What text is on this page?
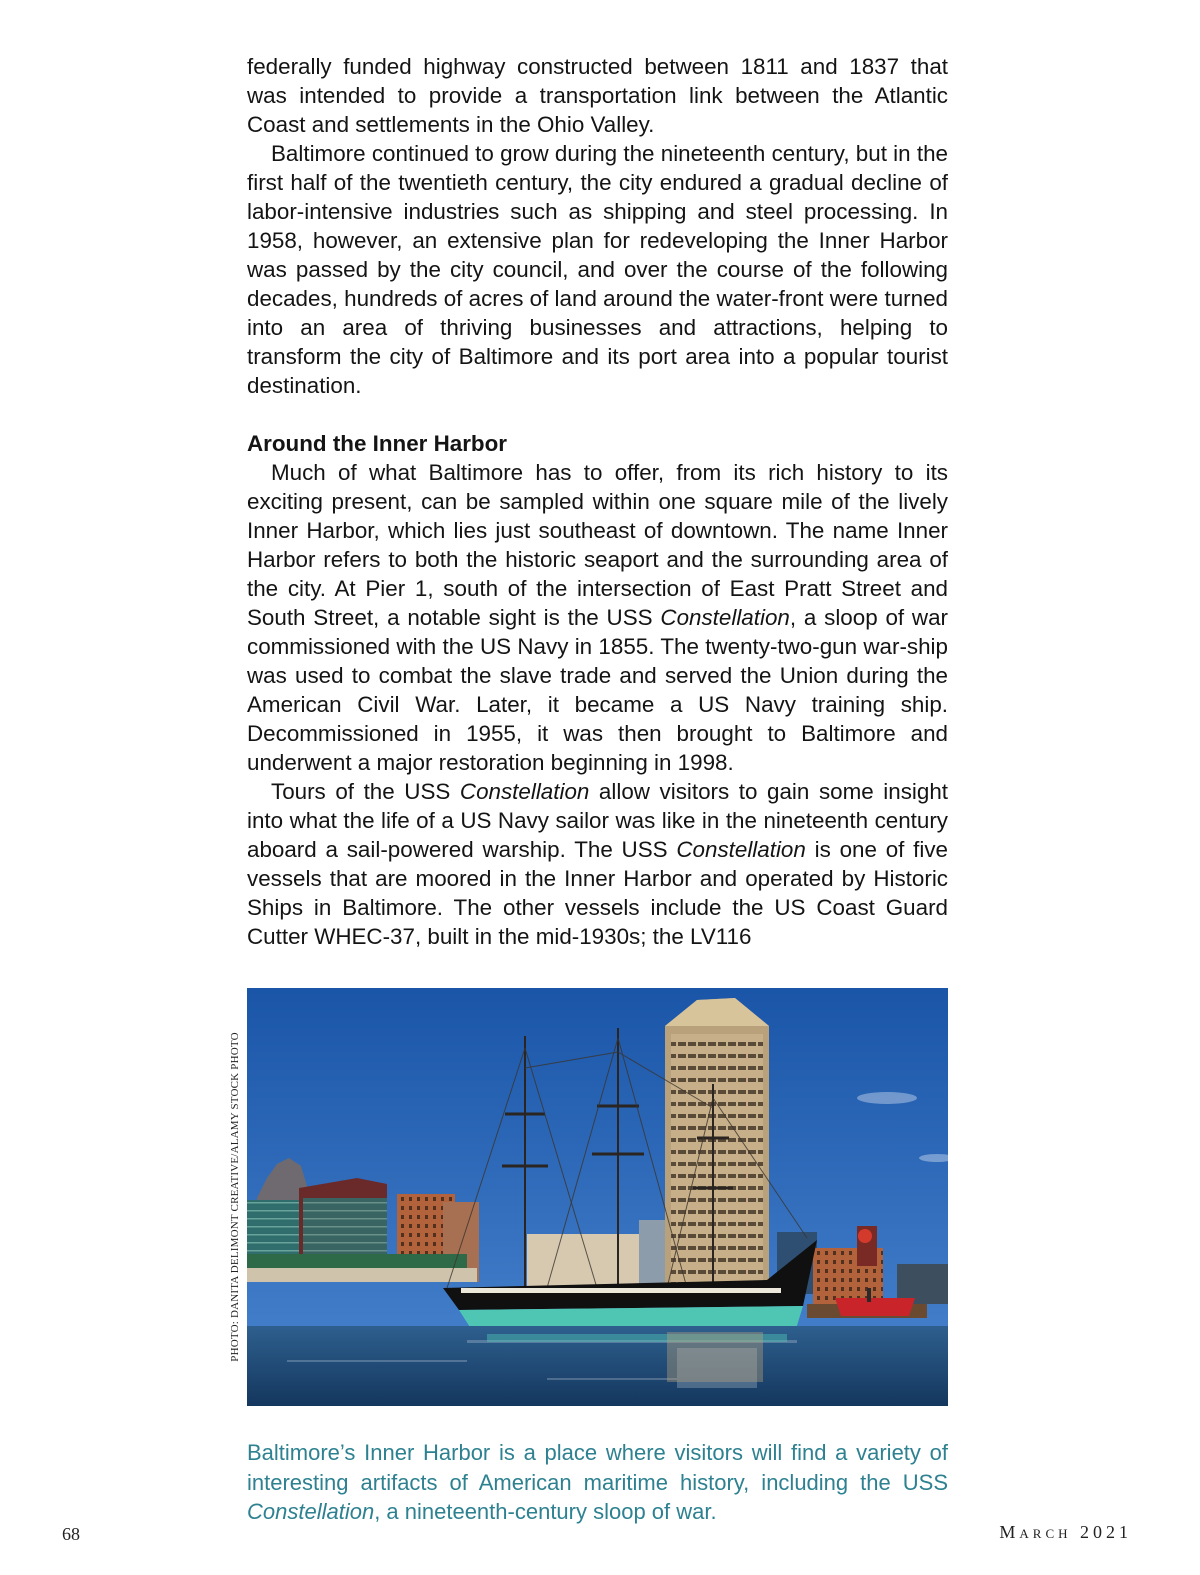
federally funded highway constructed between 1811 and 1837 that was intended to provide a transportation link between the Atlantic Coast and settlements in the Ohio Valley.

Baltimore continued to grow during the nineteenth century, but in the first half of the twentieth century, the city endured a gradual decline of labor-intensive industries such as shipping and steel processing. In 1958, however, an extensive plan for redeveloping the Inner Harbor was passed by the city council, and over the course of the following decades, hundreds of acres of land around the water-front were turned into an area of thriving businesses and attractions, helping to transform the city of Baltimore and its port area into a popular tourist destination.

Around the Inner Harbor

Much of what Baltimore has to offer, from its rich history to its exciting present, can be sampled within one square mile of the lively Inner Harbor, which lies just southeast of downtown. The name Inner Harbor refers to both the historic seaport and the surrounding area of the city. At Pier 1, south of the intersection of East Pratt Street and South Street, a notable sight is the USS Constellation, a sloop of war commissioned with the US Navy in 1855. The twenty-two-gun war-ship was used to combat the slave trade and served the Union during the American Civil War. Later, it became a US Navy training ship. Decommissioned in 1955, it was then brought to Baltimore and underwent a major restoration beginning in 1998.

Tours of the USS Constellation allow visitors to gain some insight into what the life of a US Navy sailor was like in the nineteenth century aboard a sail-powered warship. The USS Constellation is one of five vessels that are moored in the Inner Harbor and operated by Historic Ships in Baltimore. The other vessels include the US Coast Guard Cutter WHEC-37, built in the mid-1930s; the LV116

PHOTO: DANITA DELIMONT CREATIVE/ALAMY STOCK PHOTO

Baltimore’s Inner Harbor is a place where visitors will find a variety of interesting artifacts of American maritime history, including the USS Constellation, a nineteenth-century sloop of war.

68	March 2021
